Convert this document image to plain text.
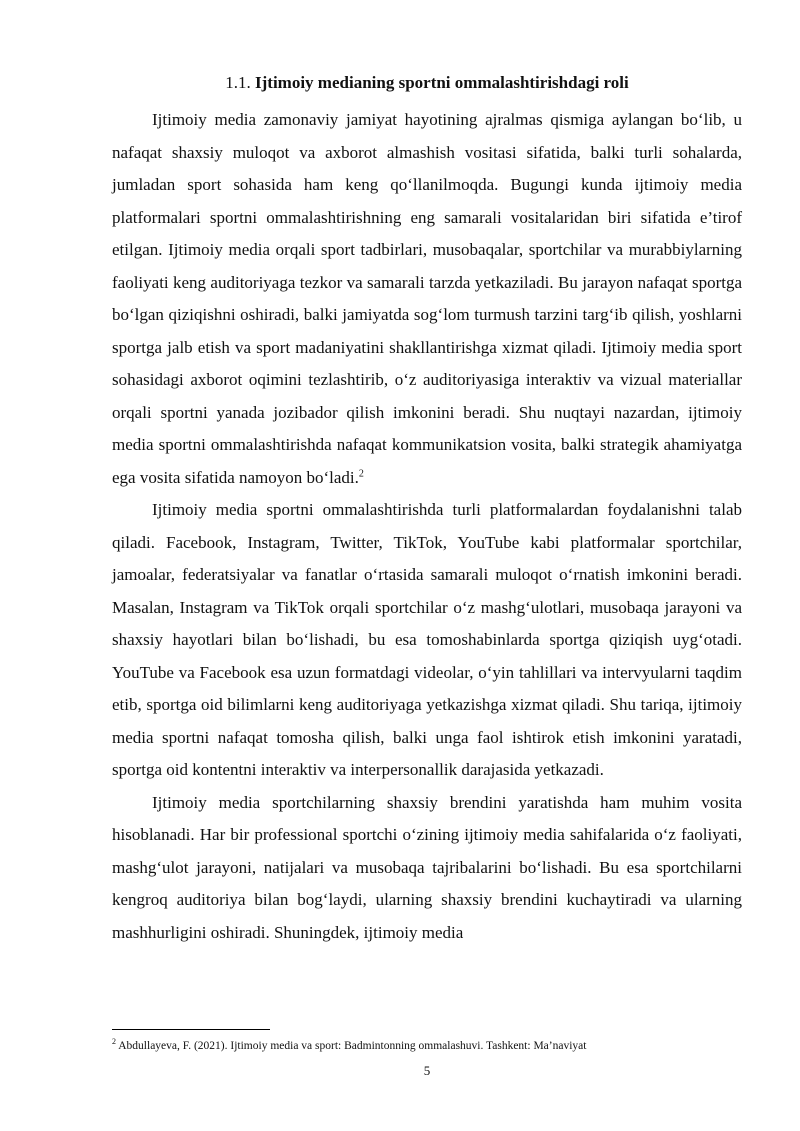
1.1. Ijtimoiy medianing sportni ommalashtirishdagi roli

Ijtimoiy media zamonaviy jamiyat hayotining ajralmas qismiga aylangan bo‘lib, u nafaqat shaxsiy muloqot va axborot almashish vositasi sifatida, balki turli sohalarda, jumladan sport sohasida ham keng qo‘llanilmoqda. Bugungi kunda ijtimoiy media platformalari sportni ommalashtirishning eng samarali vositalaridan biri sifatida e’tirof etilgan. Ijtimoiy media orqali sport tadbirlari, musobaqalar, sportchilar va murabbiylarning faoliyati keng auditoriyaga tezkor va samarali tarzda yetkaziladi. Bu jarayon nafaqat sportga bo‘lgan qiziqishni oshiradi, balki jamiyatda sog‘lom turmush tarzini targ‘ib qilish, yoshlarni sportga jalb etish va sport madaniyatini shakllantirishga xizmat qiladi. Ijtimoiy media sport sohasidagi axborot oqimini tezlashtirib, o‘z auditoriyasiga interaktiv va vizual materiallar orqali sportni yanada jozibador qilish imkonini beradi. Shu nuqtayi nazardan, ijtimoiy media sportni ommalashtirishda nafaqat kommunikatsion vosita, balki strategik ahamiyatga ega vosita sifatida namoyon bo‘ladi.$^2$

Ijtimoiy media sportni ommalashtirishda turli platformalardan foydalanishni talab qiladi. Facebook, Instagram, Twitter, TikTok, YouTube kabi platformalar sportchilar, jamoalar, federatsiyalar va fanatlar o‘rtasida samarali muloqot o‘rnatish imkonini beradi. Masalan, Instagram va TikTok orqali sportchilar o‘z mashg‘ulotlari, musobaqa jarayoni va shaxsiy hayotlari bilan bo‘lishadi, bu esa tomoshabinlarda sportga qiziqish uyg‘otadi. YouTube va Facebook esa uzun formatdagi videolar, o‘yin tahlillari va intervyularni taqdim etib, sportga oid bilimlarni keng auditoriyaga yetkazishga xizmat qiladi. Shu tariqa, ijtimoiy media sportni nafaqat tomosha qilish, balki unga faol ishtirok etish imkonini yaratadi, sportga oid kontentni interaktiv va interpersonallik darajasida yetkazadi.

Ijtimoiy media sportchilarning shaxsiy brendini yaratishda ham muhim vosita hisoblanadi. Har bir professional sportchi o‘zining ijtimoiy media sahifalarida o‘z faoliyati, mashg‘ulot jarayoni, natijalari va musobaqa tajribalarini bo‘lishadi. Bu esa sportchilarni kengroq auditoriya bilan bog‘laydi, ularning shaxsiy brendini kuchaytiradi va ularning mashhurligini oshiradi. Shuningdek, ijtimoiy media

$^2$ Abdullayeva, F. (2021). Ijtimoiy media va sport: Badmintonning ommalashuvi. Tashkent: Ma’naviyat
5
